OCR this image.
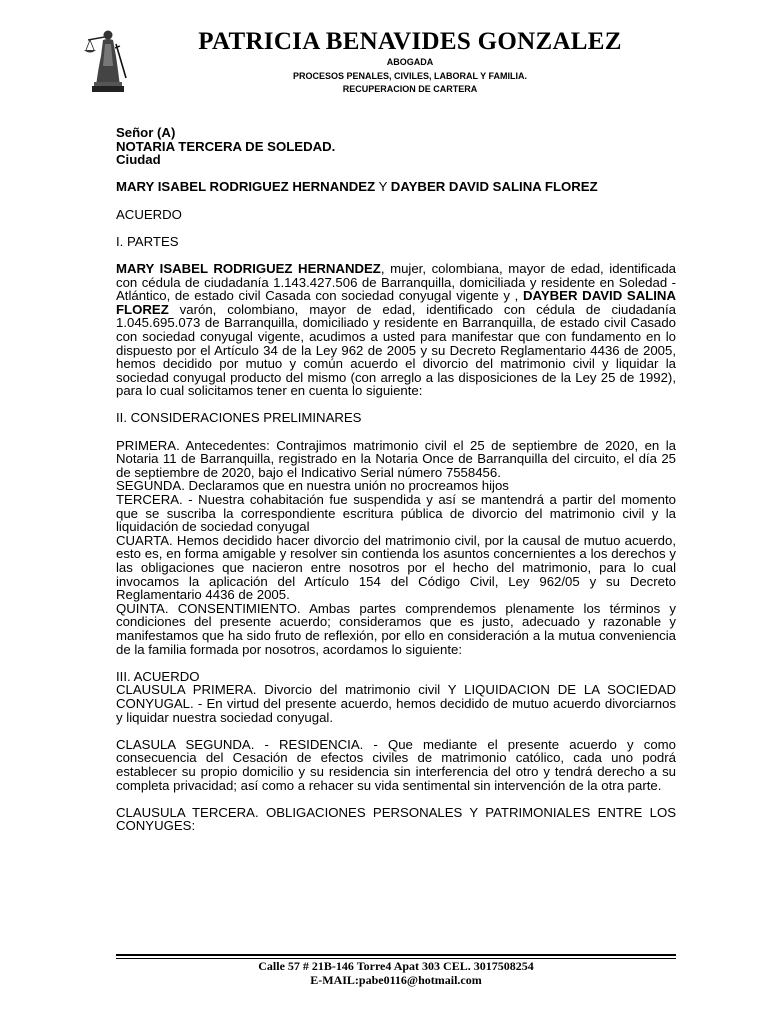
PATRICIA BENAVIDES GONZALEZ
ABOGADA
PROCESOS PENALES, CIVILES, LABORAL Y FAMILIA.
RECUPERACION DE CARTERA

Señor (A)

NOTARIA TERCERA DE SOLEDAD.

Ciudad

MARY ISABEL RODRIGUEZ HERNANDEZ Y DAYBER DAVID SALINA FLOREZ

ACUERDO

I. PARTES

MARY ISABEL RODRIGUEZ HERNANDEZ, mujer, colombiana, mayor de edad, identificada con cédula de ciudadanía 1.143.427.506 de Barranquilla, domiciliada y residente en Soledad - Atlántico, de estado civil Casada con sociedad conyugal vigente y , DAYBER DAVID SALINA FLOREZ varón, colombiano, mayor de edad, identificado con cédula de ciudadanía 1.045.695.073 de Barranquilla, domiciliado y residente en Barranquilla, de estado civil Casado con sociedad conyugal vigente, acudimos a usted para manifestar que con fundamento en lo dispuesto por el Artículo 34 de la Ley 962 de 2005 y su Decreto Reglamentario 4436 de 2005, hemos decidido por mutuo y común acuerdo el divorcio del matrimonio civil y liquidar la sociedad conyugal producto del mismo (con arreglo a las disposiciones de la Ley 25 de 1992), para lo cual solicitamos tener en cuenta lo siguiente:

II. CONSIDERACIONES PRELIMINARES

PRIMERA. Antecedentes: Contrajimos matrimonio civil el 25 de septiembre de 2020, en la Notaria 11 de Barranquilla, registrado en la Notaria Once de Barranquilla del circuito, el día 25 de septiembre de 2020, bajo el Indicativo Serial número 7558456.

SEGUNDA. Declaramos que en nuestra unión no procreamos hijos

TERCERA. - Nuestra cohabitación fue suspendida y así se mantendrá a partir del momento que se suscriba la correspondiente escritura pública de divorcio del matrimonio civil y la liquidación de sociedad conyugal

CUARTA. Hemos decidido hacer divorcio del matrimonio civil, por la causal de mutuo acuerdo, esto es, en forma amigable y resolver sin contienda los asuntos concernientes a los derechos y las obligaciones que nacieron entre nosotros por el hecho del matrimonio, para lo cual invocamos la aplicación del Artículo 154 del Código Civil, Ley 962/05 y su Decreto Reglamentario 4436 de 2005.

QUINTA. CONSENTIMIENTO. Ambas partes comprendemos plenamente los términos y condiciones del presente acuerdo; consideramos que es justo, adecuado y razonable y manifestamos que ha sido fruto de reflexión, por ello en consideración a la mutua conveniencia de la familia formada por nosotros, acordamos lo siguiente:

III. ACUERDO

CLAUSULA PRIMERA. Divorcio del matrimonio civil Y LIQUIDACION DE LA SOCIEDAD CONYUGAL. - En virtud del presente acuerdo, hemos decidido de mutuo acuerdo divorciarnos y liquidar nuestra sociedad conyugal.

CLASULA SEGUNDA. - RESIDENCIA. - Que mediante el presente acuerdo y como consecuencia del Cesación de efectos civiles de matrimonio católico, cada uno podrá establecer su propio domicilio y su residencia sin interferencia del otro y tendrá derecho a su completa privacidad; así como a rehacer su vida sentimental sin intervención de la otra parte.

CLAUSULA TERCERA. OBLIGACIONES PERSONALES Y PATRIMONIALES ENTRE LOS CONYUGES:

Calle 57 # 21B-146 Torre4 Apat 303 CEL. 3017508254
E-MAIL:pabe0116@hotmail.com
